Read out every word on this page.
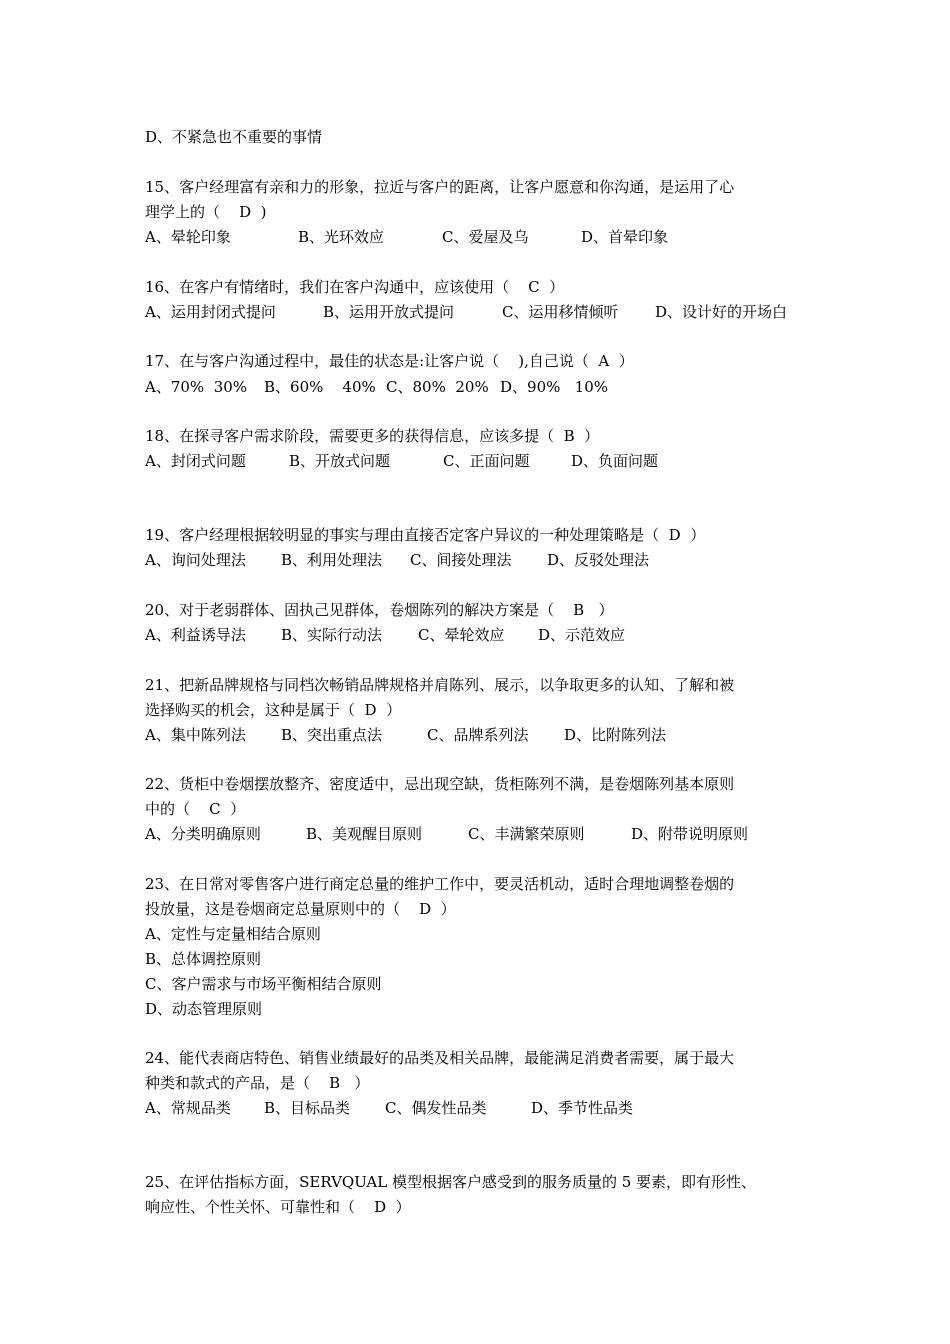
D、不紧急也不重要的事情
15、客户经理富有亲和力的形象，拉近与客户的距离，让客户愿意和你沟通，是运用了心
理学上的（    D  )
A、晕轮印象	B、光环效应	C、爱屋及乌	D、首晕印象
16、在客户有情绪时，我们在客户沟通中，应该使用（    C  ）
A、运用封闭式提问	B、运用开放式提问	C、运用移情倾听 D、设计好的开场白
17、在与客户沟通过程中，最佳的状态是:让客户说（    ),自己说（  A  ）
A、70%  30% B、60%    40% C、80%  20% D、90%   10%
18、在探寻客户需求阶段，需要更多的获得信息，应该多提（  B  ）
A、封闭式问题	B、开放式问题	C、正面问题	D、负面问题
19、客户经理根据较明显的事实与理由直接否定客户异议的一种处理策略是（  D  ）
A、询问处理法 B、利用处理法 C、间接处理法 D、反驳处理法
20、对于老弱群体、固执己见群体，卷烟陈列的解决方案是（    B   ）
A、利益诱导法 B、实际行动法 C、晕轮效应 D、示范效应
21、把新品牌规格与同档次畅销品牌规格并肩陈列、展示，以争取更多的认知、了解和被
选择购买的机会，这种是属于（  D  ）
A、集中陈列法 B、突出重点法	C、品牌系列法 D、比附陈列法
22、货柜中卷烟摆放整齐、密度适中，忌出现空缺，货柜陈列不满，是卷烟陈列基本原则
中的（    C  ）
A、分类明确原则	B、美观醒目原则	C、丰满繁荣原则	D、附带说明原则
23、在日常对零售客户进行商定总量的维护工作中，要灵活机动，适时合理地调整卷烟的
投放量，这是卷烟商定总量原则中的（    D  ）
A、定性与定量相结合原则
B、总体调控原则
C、客户需求与市场平衡相结合原则
D、动态管理原则
24、能代表商店特色、销售业绩最好的品类及相关品牌，最能满足消费者需要，属于最大
种类和款式的产品，是（    B   ）
A、常规品类 B、目标品类 C、偶发性品类	D、季节性品类
25、在评估指标方面，SERVQUAL 模型根据客户感受到的服务质量的 5 要素，即有形性、
响应性、个性关怀、可靠性和（    D  ）
